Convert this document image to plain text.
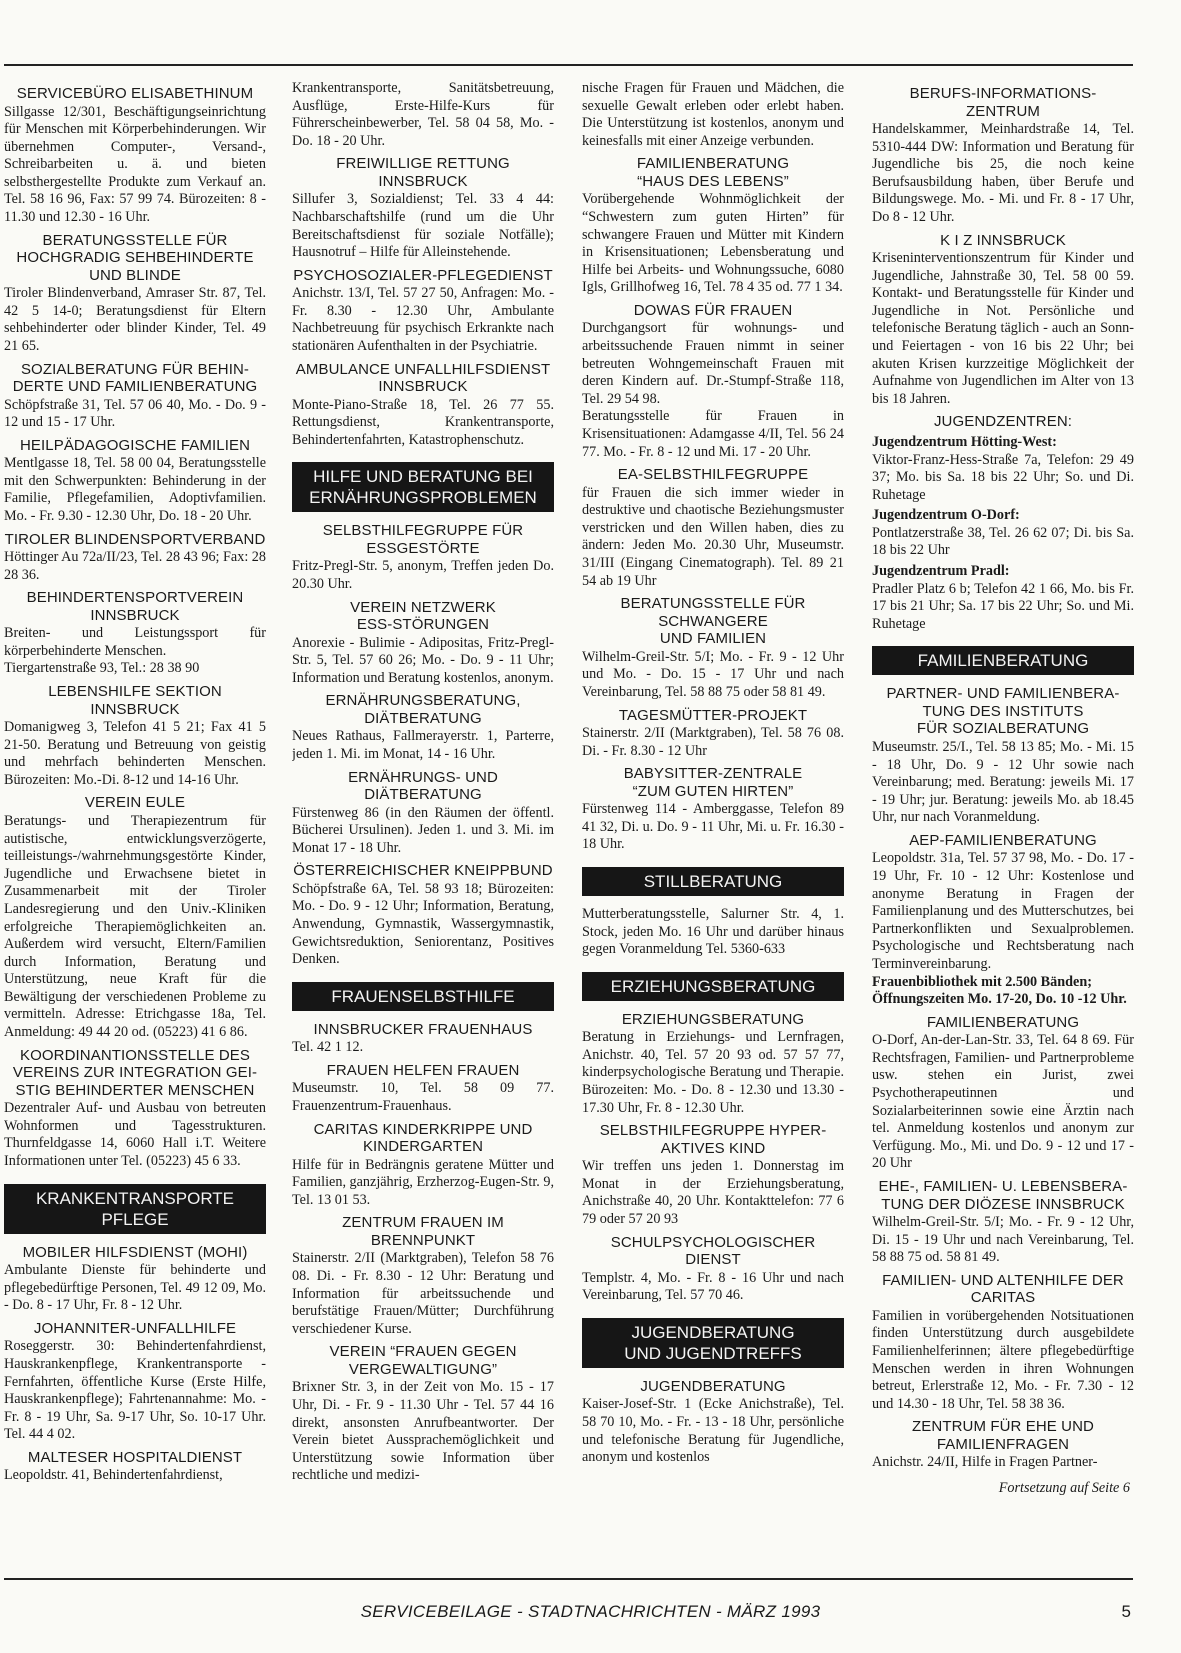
SERVICEBÜRO ELISABETHINUM
Sillgasse 12/301, Beschäftigungseinrichtung für Menschen mit Körperbehinderungen. Wir übernehmen Computer-, Versand-, Schreibarbeiten u. ä. und bieten selbsthergestellte Produkte zum Verkauf an. Tel. 58 16 96, Fax: 57 99 74. Bürozeiten: 8 - 11.30 und 12.30 - 16 Uhr.
BERATUNGSSTELLE FÜR
HOCHGRADIG SEHBEHINDERTE
UND BLINDE
Tiroler Blindenverband, Amraser Str. 87, Tel. 42 5 14-0; Beratungsdienst für Eltern sehbehinderter oder blinder Kinder, Tel. 49 21 65.
SOZIALBERATUNG FÜR BEHIN-
DERTE UND FAMILIENBERATUNG
Schöpfstraße 31, Tel. 57 06 40, Mo. - Do. 9 - 12 und 15 - 17 Uhr.
HEILPÄDAGOGISCHE FAMILIEN
Mentlgasse 18, Tel. 58 00 04, Beratungsstelle mit den Schwerpunkten: Behinderung in der Familie, Pflegefamilien, Adoptivfamilien. Mo. - Fr. 9.30 - 12.30 Uhr, Do. 18 - 20 Uhr.
TIROLER BLINDENSPORTVERBAND
Höttinger Au 72a/II/23, Tel. 28 43 96; Fax: 28 28 36.
BEHINDERTENSPORTVEREIN
INNSBRUCK
Breiten- und Leistungssport für körperbehinderte Menschen.
Tiergartenstraße 93, Tel.: 28 38 90
LEBENSHILFE SEKTION
INNSBRUCK
Domanigweg 3, Telefon 41 5 21; Fax 41 5 21-50. Beratung und Betreuung von geistig und mehrfach behinderten Menschen. Bürozeiten: Mo.-Di. 8-12 und 14-16 Uhr.
VEREIN EULE
Beratungs- und Therapiezentrum für autistische, entwicklungsverzögerte, teilleistungs-/wahrnehmungsgestörte Kinder, Jugendliche und Erwachsene bietet in Zusammenarbeit mit der Tiroler Landesregierung und den Univ.-Kliniken erfolgreiche Therapiemöglichkeiten an. Außerdem wird versucht, Eltern/Familien durch Information, Beratung und Unterstützung, neue Kraft für die Bewältigung der verschiedenen Probleme zu vermitteln. Adresse: Etrichgasse 18a, Tel. Anmeldung: 49 44 20 od. (05223) 41 6 86.
KOORDINANTIONSSTELLE DES
VEREINS ZUR INTEGRATION GEI-
STIG BEHINDERTER MENSCHEN
Dezentraler Auf- und Ausbau von betreuten Wohnformen und Tagesstrukturen. Thurnfeldgasse 14, 6060 Hall i.T. Weitere Informationen unter Tel. (05223) 45 6 33.
KRANKENTRANSPORTE
PFLEGE
MOBILER HILFSDIENST (MOHI)
Ambulante Dienste für behinderte und pflegebedürftige Personen, Tel. 49 12 09, Mo. - Do. 8 - 17 Uhr, Fr. 8 - 12 Uhr.
JOHANNITER-UNFALLHILFE
Roseggerstr. 30: Behindertenfahrdienst, Hauskrankenpflege, Krankentransporte - Fernfahrten, öffentliche Kurse (Erste Hilfe, Hauskrankenpflege); Fahrtenannahme: Mo. - Fr. 8 - 19 Uhr, Sa. 9-17 Uhr, So. 10-17 Uhr. Tel. 44 4 02.
MALTESER HOSPITALDIENST
Leopoldstr. 41, Behindertenfahrdienst,
Krankentransporte, Sanitätsbetreuung, Ausflüge, Erste-Hilfe-Kurs für Führerscheinbewerber, Tel. 58 04 58, Mo. - Do. 18 - 20 Uhr.
FREIWILLIGE RETTUNG
INNSBRUCK
Sillufer 3, Sozialdienst; Tel. 33 4 44: Nachbarschaftshilfe (rund um die Uhr Bereitschaftsdienst für soziale Notfälle); Hausnotruf – Hilfe für Alleinstehende.
PSYCHOSOZIALER-PFLEGEDIENST
Anichstr. 13/I, Tel. 57 27 50, Anfragen: Mo. - Fr. 8.30 - 12.30 Uhr, Ambulante Nachbetreuung für psychisch Erkrankte nach stationären Aufenthalten in der Psychiatrie.
AMBULANCE UNFALLHILFSDIENST
INNSBRUCK
Monte-Piano-Straße 18, Tel. 26 77 55. Rettungsdienst, Krankentransporte, Behindertenfahrten, Katastrophenschutz.
HILFE UND BERATUNG BEI
ERNÄHRUNGSPROBLEMEN
SELBSTHILFEGRUPPE FÜR
ESSGESTÖRTE
Fritz-Pregl-Str. 5, anonym, Treffen jeden Do. 20.30 Uhr.
VEREIN NETZWERK
ESS-STÖRUNGEN
Anorexie - Bulimie - Adipositas, Fritz-Pregl-Str. 5, Tel. 57 60 26; Mo. - Do. 9 - 11 Uhr; Information und Beratung kostenlos, anonym.
ERNÄHRUNGSBERATUNG,
DIÄTBERATUNG
Neues Rathaus, Fallmerayerstr. 1, Parterre, jeden 1. Mi. im Monat, 14 - 16 Uhr.
ERNÄHRUNGS- UND
DIÄTBERATUNG
Fürstenweg 86 (in den Räumen der öffentl. Bücherei Ursulinen). Jeden 1. und 3. Mi. im Monat 17 - 18 Uhr.
ÖSTERREICHISCHER KNEIPPBUND
Schöpfstraße 6A, Tel. 58 93 18; Bürozeiten: Mo. - Do. 9 - 12 Uhr; Information, Beratung, Anwendung, Gymnastik, Wassergymnastik, Gewichtsreduktion, Seniorentanz, Positives Denken.
FRAUENSELBSTHILFE
INNSBRUCKER FRAUENHAUS
Tel. 42 1 12.
FRAUEN HELFEN FRAUEN
Museumstr. 10, Tel. 58 09 77. Frauenzentrum-Frauenhaus.
CARITAS KINDERKRIPPE UND
KINDERGARTEN
Hilfe für in Bedrängnis geratene Mütter und Familien, ganzjährig, Erzherzog-Eugen-Str. 9, Tel. 13 01 53.
ZENTRUM FRAUEN IM
BRENNPUNKT
Stainerstr. 2/II (Marktgraben), Telefon 58 76 08. Di. - Fr. 8.30 - 12 Uhr: Beratung und Information für arbeitssuchende und berufstätige Frauen/Mütter; Durchführung verschiedener Kurse.
VEREIN “FRAUEN GEGEN
VERGEWALTIGUNG”
Brixner Str. 3, in der Zeit von Mo. 15 - 17 Uhr, Di. - Fr. 9 - 11.30 Uhr - Tel. 57 44 16 direkt, ansonsten Anrufbeantworter. Der Verein bietet Aussprachemöglichkeit und Unterstützung sowie Information über rechtliche und medizi-
nische Fragen für Frauen und Mädchen, die sexuelle Gewalt erleben oder erlebt haben. Die Unterstützung ist kostenlos, anonym und keinesfalls mit einer Anzeige verbunden.
FAMILIENBERATUNG
“HAUS DES LEBENS”
Vorübergehende Wohnmöglichkeit der “Schwestern zum guten Hirten” für schwangere Frauen und Mütter mit Kindern in Krisensituationen; Lebensberatung und Hilfe bei Arbeits- und Wohnungssuche, 6080 Igls, Grillhofweg 16, Tel. 78 4 35 od. 77 1 34.
DOWAS FÜR FRAUEN
Durchgangsort für wohnungs- und arbeitssuchende Frauen nimmt in seiner betreuten Wohngemeinschaft Frauen mit deren Kindern auf. Dr.-Stumpf-Straße 118, Tel. 29 54 98.
Beratungsstelle für Frauen in Krisensituationen: Adamgasse 4/II, Tel. 56 24 77. Mo. - Fr. 8 - 12 und Mi. 17 - 20 Uhr.
EA-SELBSTHILFEGRUPPE
für Frauen die sich immer wieder in destruktive und chaotische Beziehungsmuster verstricken und den Willen haben, dies zu ändern: Jeden Mo. 20.30 Uhr, Museumstr. 31/III (Eingang Cinematograph). Tel. 89 21 54 ab 19 Uhr
BERATUNGSSTELLE FÜR
SCHWANGERE
UND FAMILIEN
Wilhelm-Greil-Str. 5/I; Mo. - Fr. 9 - 12 Uhr und Mo. - Do. 15 - 17 Uhr und nach Vereinbarung, Tel. 58 88 75 oder 58 81 49.
TAGESMÜTTER-PROJEKT
Stainerstr. 2/II (Marktgraben), Tel. 58 76 08. Di. - Fr. 8.30 - 12 Uhr
BABYSITTER-ZENTRALE
“ZUM GUTEN HIRTEN”
Fürstenweg 114 - Amberggasse, Telefon 89 41 32, Di. u. Do. 9 - 11 Uhr, Mi. u. Fr. 16.30 - 18 Uhr.
STILLBERATUNG
Mutterberatungsstelle, Salurner Str. 4, 1. Stock, jeden Mo. 16 Uhr und darüber hinaus gegen Voranmeldung Tel. 5360-633
ERZIEHUNGSBERATUNG
ERZIEHUNGSBERATUNG
Beratung in Erziehungs- und Lernfragen, Anichstr. 40, Tel. 57 20 93 od. 57 57 77, kinderpsychologische Beratung und Therapie. Bürozeiten: Mo. - Do. 8 - 12.30 und 13.30 - 17.30 Uhr, Fr. 8 - 12.30 Uhr.
SELBSTHILFEGRUPPE HYPER-
AKTIVES KIND
Wir treffen uns jeden 1. Donnerstag im Monat in der Erziehungsberatung, Anichstraße 40, 20 Uhr. Kontakttelefon: 77 6 79 oder 57 20 93
SCHULPSYCHOLOGISCHER DIENST
Templstr. 4, Mo. - Fr. 8 - 16 Uhr und nach Vereinbarung, Tel. 57 70 46.
JUGENDBERATUNG
UND JUGENDTREFFS
JUGENDBERATUNG
Kaiser-Josef-Str. 1 (Ecke Anichstraße), Tel. 58 70 10, Mo. - Fr. - 13 - 18 Uhr, persönliche und telefonische Beratung für Jugendliche, anonym und kostenlos
BERUFS-INFORMATIONS-
ZENTRUM
Handelskammer, Meinhardstraße 14, Tel. 5310-444 DW: Information und Beratung für Jugendliche bis 25, die noch keine Berufsausbildung haben, über Berufe und Bildungswege. Mo. - Mi. und Fr. 8 - 17 Uhr, Do 8 - 12 Uhr.
K I Z INNSBRUCK
Kriseninterventionszentrum für Kinder und Jugendliche, Jahnstraße 30, Tel. 58 00 59. Kontakt- und Beratungsstelle für Kinder und Jugendliche in Not. Persönliche und telefonische Beratung täglich - auch an Sonn- und Feiertagen - von 16 bis 22 Uhr; bei akuten Krisen kurzzeitige Möglichkeit der Aufnahme von Jugendlichen im Alter von 13 bis 18 Jahren.
JUGENDZENTREN:
Jugendzentrum Hötting-West:
Viktor-Franz-Hess-Straße 7a, Telefon: 29 49 37; Mo. bis Sa. 18 bis 22 Uhr; So. und Di. Ruhetage
Jugendzentrum O-Dorf:
Pontlatzerstraße 38, Tel. 26 62 07; Di. bis Sa. 18 bis 22 Uhr
Jugendzentrum Pradl:
Pradler Platz 6 b; Telefon 42 1 66, Mo. bis Fr. 17 bis 21 Uhr; Sa. 17 bis 22 Uhr; So. und Mi. Ruhetage
FAMILIENBERATUNG
PARTNER- UND FAMILIENBERA-
TUNG DES INSTITUTS
FÜR SOZIALBERATUNG
Museumstr. 25/I., Tel. 58 13 85; Mo. - Mi. 15 - 18 Uhr, Do. 9 - 12 Uhr sowie nach Vereinbarung; med. Beratung: jeweils Mi. 17 - 19 Uhr; jur. Beratung: jeweils Mo. ab 18.45 Uhr, nur nach Voranmeldung.
AEP-FAMILIENBERATUNG
Leopoldstr. 31a, Tel. 57 37 98, Mo. - Do. 17 - 19 Uhr, Fr. 10 - 12 Uhr: Kostenlose und anonyme Beratung in Fragen der Familienplanung und des Mutterschutzes, bei Partnerkonflikten und Sexualproblemen. Psychologische und Rechtsberatung nach Terminvereinbarung.
Frauenbibliothek mit 2.500 Bänden; Öffnungszeiten Mo. 17-20, Do. 10 -12 Uhr.
FAMILIENBERATUNG
O-Dorf, An-der-Lan-Str. 33, Tel. 64 8 69. Für Rechtsfragen, Familien- und Partnerprobleme usw. stehen ein Jurist, zwei Psychotherapeutinnen und Sozialarbeiterinnen sowie eine Ärztin nach tel. Anmeldung kostenlos und anonym zur Verfügung. Mo., Mi. und Do. 9 - 12 und 17 - 20 Uhr
EHE-, FAMILIEN- U. LEBENSBERA-
TUNG DER DIÖZESE INNSBRUCK
Wilhelm-Greil-Str. 5/I; Mo. - Fr. 9 - 12 Uhr, Di. 15 - 19 Uhr und nach Vereinbarung, Tel. 58 88 75 od. 58 81 49.
FAMILIEN- UND ALTENHILFE DER
CARITAS
Familien in vorübergehenden Notsituationen finden Unterstützung durch ausgebildete Familienhelferinnen; ältere pflegebedürftige Menschen werden in ihren Wohnungen betreut, Erlerstraße 12, Mo. - Fr. 7.30 - 12 und 14.30 - 18 Uhr, Tel. 58 38 36.
ZENTRUM FÜR EHE UND
FAMILIENFRAGEN
Anichstr. 24/II, Hilfe in Fragen Partner-
Fortsetzung auf Seite 6
SERVICEBEILAGE - STADTNACHRICHTEN - MÄRZ 1993	5
